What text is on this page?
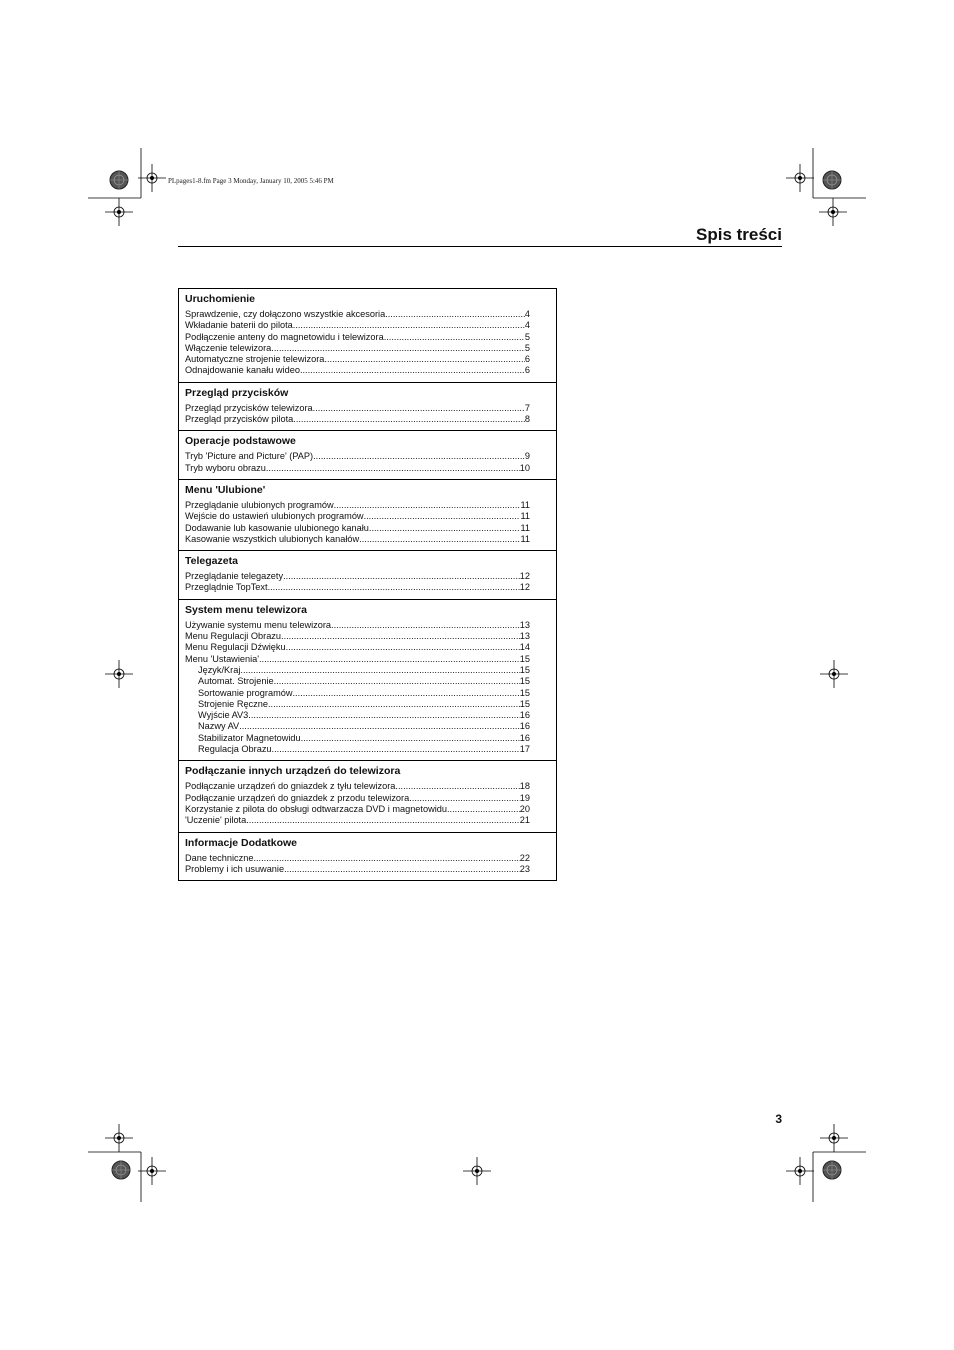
PLpages1-8.fm Page 3 Monday, January 10, 2005 5:46 PM
Spis treści
Uruchomienie
Sprawdzenie, czy dołączono wszystkie akcesoria .....	4
Wkładanie baterii do pilota .....	4
Podłączenie anteny do magnetowidu i telewizora .....	5
Włączenie telewizora .....	5
Automatyczne strojenie telewizora .....	6
Odnajdowanie kanału wideo .....	6
Przegląd przycisków
Przegląd przycisków telewizora .....	7
Przegląd przycisków pilota .....	8
Operacje podstawowe
Tryb 'Picture and Picture' (PAP) .....	9
Tryb wyboru obrazu .....	10
Menu 'Ulubione'
Przeglądanie ulubionych programów .....	11
Wejście do ustawień ulubionych programów .....	11
Dodawanie lub kasowanie ulubionego kanału .....	11
Kasowanie wszystkich ulubionych kanałów .....	11
Telegazeta
Przeglądanie telegazety .....	12
Przeglądnie TopText .....	12
System menu telewizora
Używanie systemu menu telewizora .....	13
Menu Regulacji Obrazu .....	13
Menu Regulacji Dźwięku .....	14
Menu 'Ustawienia' .....	15
Język/Kraj .....	15
Automat. Strojenie .....	15
Sortowanie programów .....	15
Strojenie Ręczne .....	15
Wyjście AV3 .....	16
Nazwy AV .....	16
Stabilizator Magnetowidu .....	16
Regulacja Obrazu .....	17
Podłączanie innych urządzeń do telewizora
Podłączanie urządzeń do gniazdek z tyłu telewizora .....	18
Podłączanie urządzeń do gniazdek z przodu telewizora .....	19
Korzystanie z pilota do obsługi odtwarzacza DVD i magnetowidu .....	20
'Uczenie' pilota .....	21
Informacje Dodatkowe
Dane techniczne .....	22
Problemy i ich usuwanie .....	23
3
